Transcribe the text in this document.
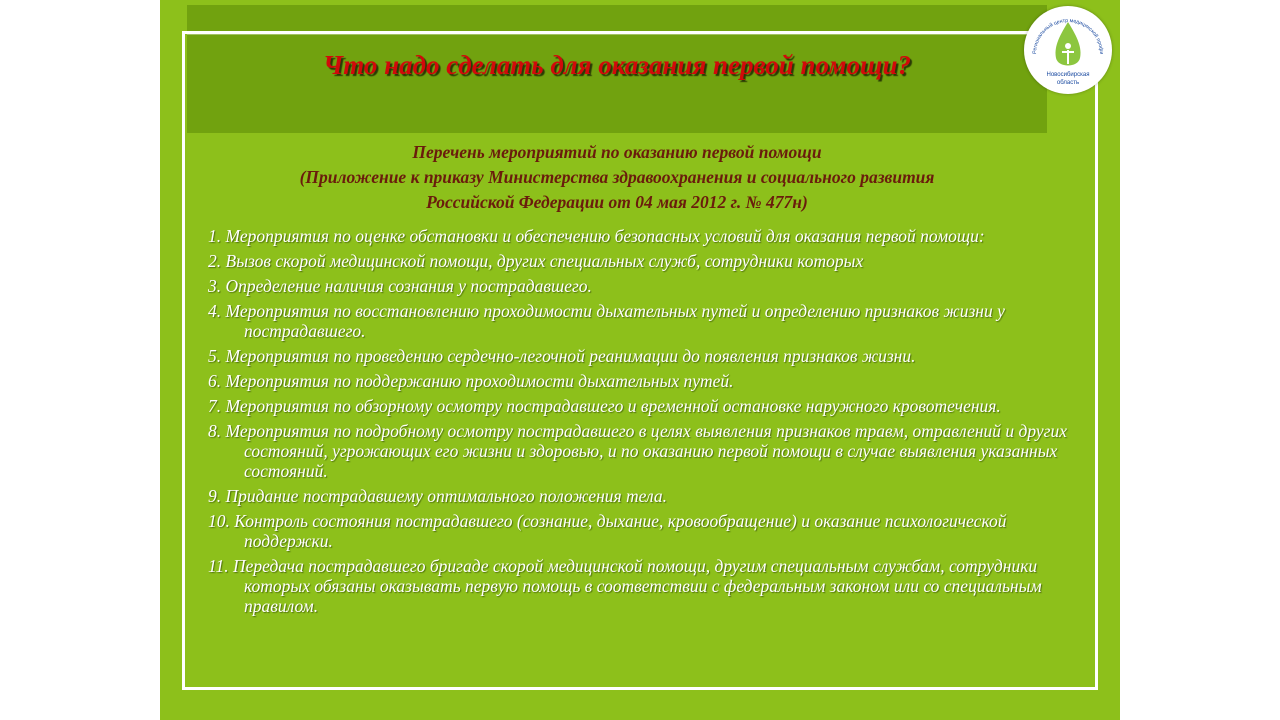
Что надо сделать для оказания первой помощи?	Региональный центр медицинской профи
Новосибирская
область
Перечень мероприятий по оказанию первой помощи
(Приложение к приказу Министерства здравоохранения и социального развития
Российской Федерации от 04 мая 2012 г. № 477н)
1. Мероприятия по оценке обстановки и обеспечению безопасных условий для оказания первой помощи:
2. Вызов скорой медицинской помощи, других специальных служб, сотрудники которых
3. Определение наличия сознания у пострадавшего.
4. Мероприятия по восстановлению проходимости дыхательных путей и определению признаков жизни у пострадавшего.
5. Мероприятия по проведению сердечно-легочной реанимации до появления признаков жизни.
6. Мероприятия по поддержанию проходимости дыхательных путей.
7. Мероприятия по обзорному осмотру пострадавшего и временной остановке наружного кровотечения.
8. Мероприятия по подробному осмотру пострадавшего в целях выявления признаков травм, отравлений и других состояний, угрожающих его жизни и здоровью, и по оказанию первой помощи в случае выявления указанных состояний.
9. Придание пострадавшему оптимального положения тела.
10. Контроль состояния пострадавшего (сознание, дыхание, кровообращение) и оказание психологической поддержки.
11. Передача пострадавшего бригаде скорой медицинской помощи, другим специальным службам, сотрудники которых обязаны оказывать первую помощь в соответствии с федеральным законом или со специальным правилом.
